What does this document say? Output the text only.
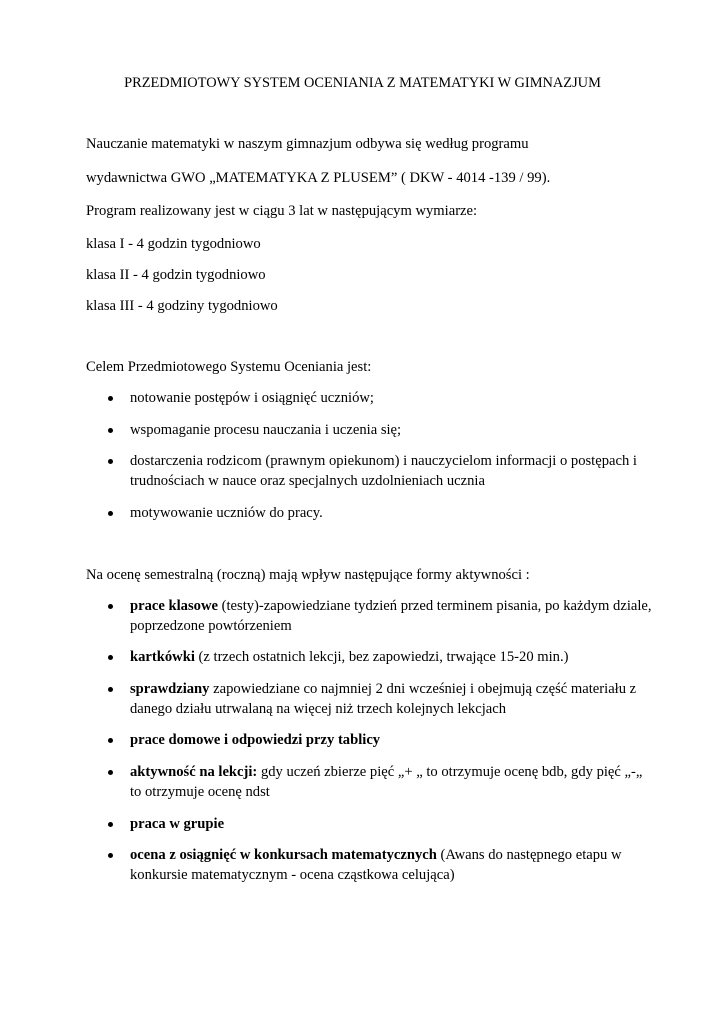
PRZEDMIOTOWY SYSTEM OCENIANIA Z MATEMATYKI W GIMNAZJUM
Nauczanie matematyki w naszym gimnazjum odbywa się według programu
wydawnictwa GWO „MATEMATYKA Z PLUSEM” ( DKW - 4014 -139 / 99).
Program realizowany jest w ciągu 3 lat w następującym wymiarze:
klasa I - 4 godzin tygodniowo
klasa II - 4 godzin tygodniowo
klasa III - 4 godziny tygodniowo
Celem Przedmiotowego Systemu Oceniania jest:
notowanie postępów i osiągnięć uczniów;
wspomaganie procesu nauczania i uczenia się;
dostarczenia rodzicom (prawnym opiekunom) i nauczycielom informacji o postępach i trudnościach w nauce oraz specjalnych uzdolnieniach ucznia
motywowanie uczniów do pracy.
Na ocenę semestralną (roczną) mają wpływ następujące formy aktywności :
prace klasowe (testy)-zapowiedziane tydzień przed terminem pisania, po każdym dziale, poprzedzone powtórzeniem
kartkówki (z trzech ostatnich lekcji, bez zapowiedzi, trwające 15-20 min.)
sprawdziany zapowiedziane co najmniej 2 dni wcześniej i obejmują część materiału z danego działu utrwalaną na więcej niż trzech kolejnych lekcjach
prace domowe i odpowiedzi przy tablicy
aktywność na lekcji: gdy uczeń zbierze pięć „+ „ to otrzymuje ocenę bdb, gdy pięć „-„ to otrzymuje ocenę ndst
praca w grupie
ocena z osiągnięć w konkursach matematycznych (Awans do następnego etapu w konkursie matematycznym - ocena cząstkowa celująca)
